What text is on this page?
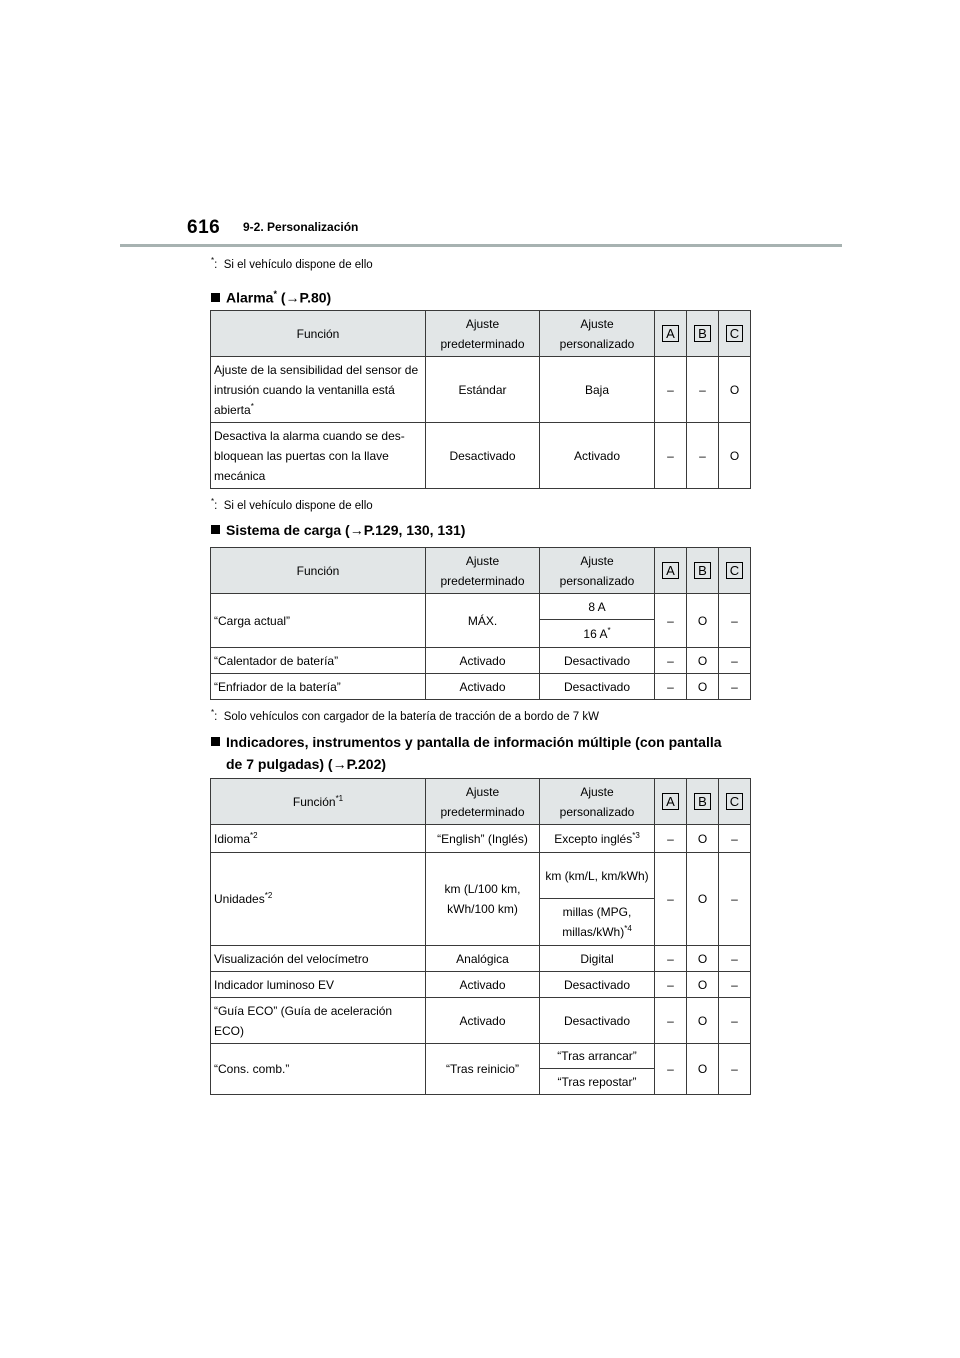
616 9-2. Personalización
*:  Si el vehículo dispone de ello
Alarma* (→P.80)
Función	Ajuste predeterminado	Ajuste personalizado	A	B	C
Ajuste de la sensibilidad del sensor de intrusión cuando la ventanilla está abierta*	Estándar	Baja	–	–	O
Desactiva la alarma cuando se des- bloquean las puertas con la llave mecánica	Desactivado	Activado	–	–	O
*:  Si el vehículo dispone de ello
Sistema de carga (→P.129, 130, 131)
Función	Ajuste predeterminado	Ajuste personalizado	A	B	C
“Carga actual”	MÁX.	8 A	–	O	–
		16 A*
“Calentador de batería”	Activado	Desactivado	–	O	–
“Enfriador de la batería”	Activado	Desactivado	–	O	–
*:  Solo vehículos con cargador de la batería de tracción de a bordo de 7 kW
Indicadores, instrumentos y pantalla de información múltiple (con pantalla
de 7 pulgadas) (→P.202)
Función$^{*1}$	Ajuste predeterminado	Ajuste personalizado	A	B	C
Idioma$^{*2}$	“English” (Inglés)	Excepto inglés$^{*3}$	–	O	–
Unidades$^{*2}$	km (L/100 km, kWh/100 km)	km (km/L, km/kWh)	–	O	–
		millas (MPG, millas/kWh)$^{*4}$
Visualización del velocímetro	Analógica	Digital	–	O	–
Indicador luminoso EV	Activado	Desactivado	–	O	–
“Guía ECO” (Guía de aceleración ECO)	Activado	Desactivado	–	O	–
“Cons. comb.”	“Tras reinicio”	“Tras arrancar”	–	O	–
		“Tras repostar”			
